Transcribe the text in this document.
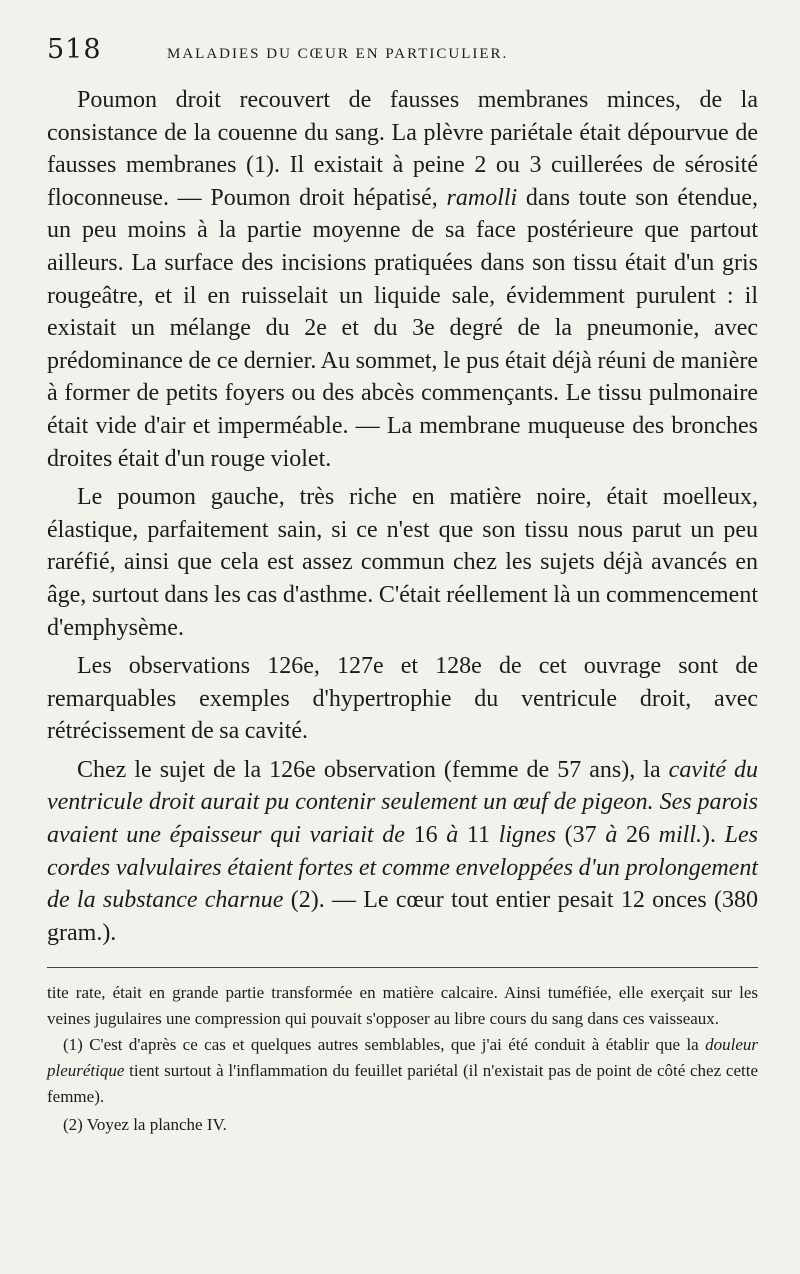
518	MALADIES DU CŒUR EN PARTICULIER.

Poumon droit recouvert de fausses membranes minces, de la consistance de la couenne du sang. La plèvre pariétale était dépourvue de fausses membranes (1). Il existait à peine 2 ou 3 cuillerées de sérosité floconneuse. — Poumon droit hépatisé, ramolli dans toute son étendue, un peu moins à la partie moyenne de sa face postérieure que partout ailleurs. La surface des incisions pratiquées dans son tissu était d'un gris rougeâtre, et il en ruisselait un liquide sale, évidemment purulent : il existait un mélange du 2e et du 3e degré de la pneumonie, avec prédominance de ce dernier. Au sommet, le pus était déjà réuni de manière à former de petits foyers ou des abcès commençants. Le tissu pulmonaire était vide d'air et imperméable. — La membrane muqueuse des bronches droites était d'un rouge violet.

Le poumon gauche, très riche en matière noire, était moelleux, élastique, parfaitement sain, si ce n'est que son tissu nous parut un peu raréfié, ainsi que cela est assez commun chez les sujets déjà avancés en âge, surtout dans les cas d'asthme. C'était réellement là un commencement d'emphysème.

Les observations 126e, 127e et 128e de cet ouvrage sont de remarquables exemples d'hypertrophie du ventricule droit, avec rétrécissement de sa cavité.

Chez le sujet de la 126e observation (femme de 57 ans), la cavité du ventricule droit aurait pu contenir seulement un œuf de pigeon. Ses parois avaient une épaisseur qui variait de 16 à 11 lignes (37 à 26 mill.). Les cordes valvulaires étaient fortes et comme enveloppées d'un prolongement de la substance charnue (2). — Le cœur tout entier pesait 12 onces (380 gram.).

tite rate, était en grande partie transformée en matière calcaire. Ainsi tuméfiée, elle exerçait sur les veines jugulaires une compression qui pouvait s'opposer au libre cours du sang dans ces vaisseaux.

(1) C'est d'après ce cas et quelques autres semblables, que j'ai été conduit à établir que la douleur pleurétique tient surtout à l'inflammation du feuillet pariétal (il n'existait pas de point de côté chez cette femme).

(2) Voyez la planche IV.
